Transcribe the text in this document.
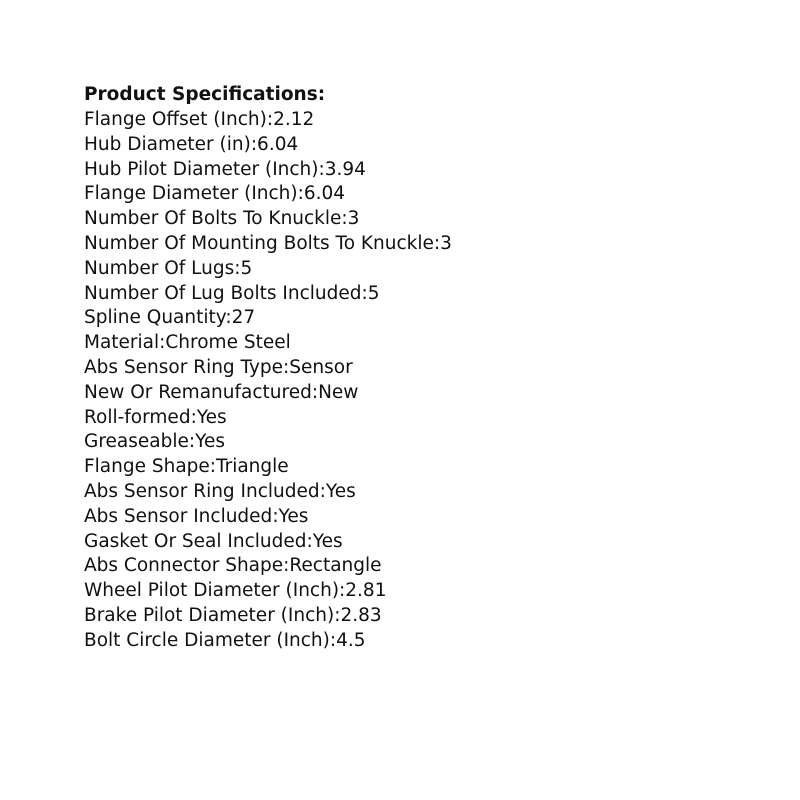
Product Specifications:
Flange Offset (Inch):2.12
Hub Diameter (in):6.04
Hub Pilot Diameter (Inch):3.94
Flange Diameter (Inch):6.04
Number Of Bolts To Knuckle:3
Number Of Mounting Bolts To Knuckle:3
Number Of Lugs:5
Number Of Lug Bolts Included:5
Spline Quantity:27
Material:Chrome Steel
Abs Sensor Ring Type:Sensor
New Or Remanufactured:New
Roll-formed:Yes
Greaseable:Yes
Flange Shape:Triangle
Abs Sensor Ring Included:Yes
Abs Sensor Included:Yes
Gasket Or Seal Included:Yes
Abs Connector Shape:Rectangle
Wheel Pilot Diameter (Inch):2.81
Brake Pilot Diameter (Inch):2.83
Bolt Circle Diameter (Inch):4.5
